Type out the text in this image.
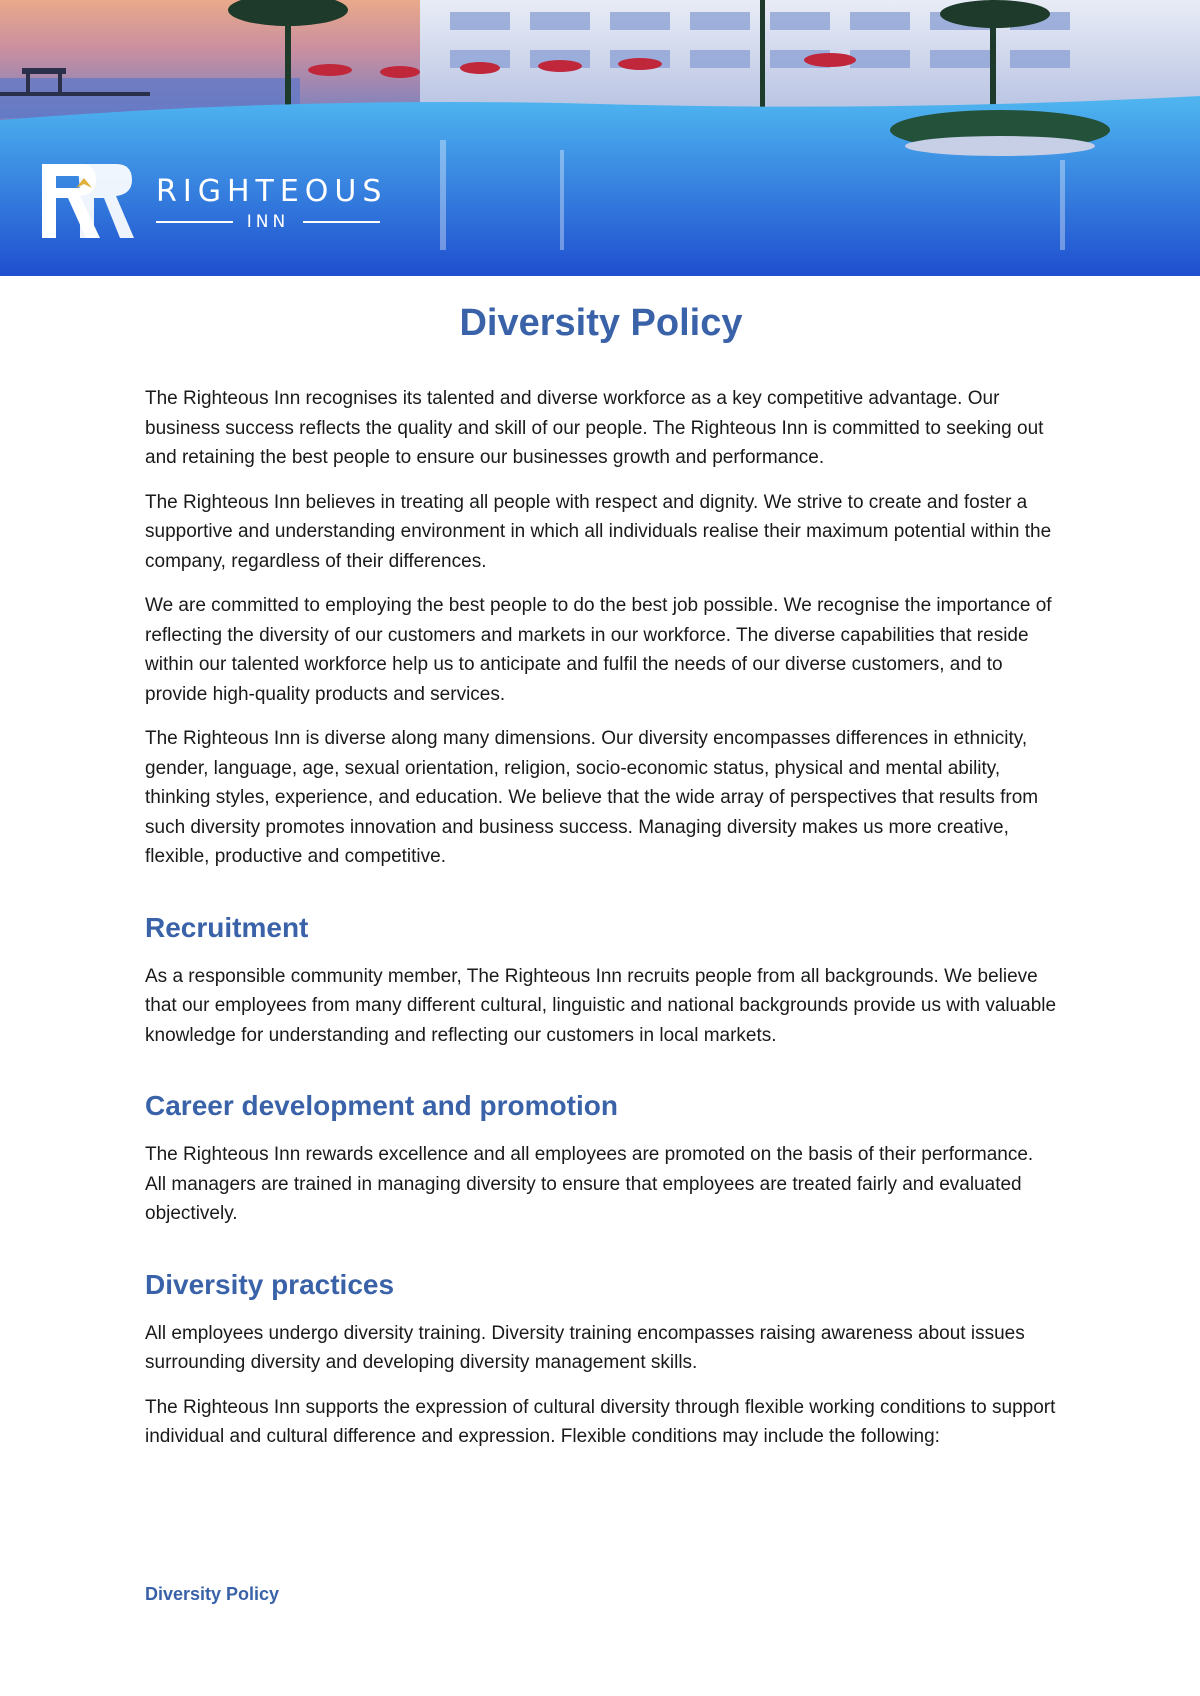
RIGHTEOUS
INN
Diversity Policy

The Righteous Inn recognises its talented and diverse workforce as a key competitive advantage. Our business success reflects the quality and skill of our people. The Righteous Inn is committed to seeking out and retaining the best people to ensure our businesses growth and performance.

The Righteous Inn believes in treating all people with respect and dignity. We strive to create and foster a supportive and understanding environment in which all individuals realise their maximum potential within the company, regardless of their differences.

We are committed to employing the best people to do the best job possible. We recognise the importance of reflecting the diversity of our customers and markets in our workforce. The diverse capabilities that reside within our talented workforce help us to anticipate and fulfil the needs of our diverse customers, and to provide high-quality products and services.

The Righteous Inn is diverse along many dimensions. Our diversity encompasses differences in ethnicity, gender, language, age, sexual orientation, religion, socio-economic status, physical and mental ability, thinking styles, experience, and education. We believe that the wide array of perspectives that results from such diversity promotes innovation and business success. Managing diversity makes us more creative, flexible, productive and competitive.

Recruitment

As a responsible community member, The Righteous Inn recruits people from all backgrounds. We believe that our employees from many different cultural, linguistic and national backgrounds provide us with valuable knowledge for understanding and reflecting our customers in local markets.

Career development and promotion

The Righteous Inn rewards excellence and all employees are promoted on the basis of their performance. All managers are trained in managing diversity to ensure that employees are treated fairly and evaluated objectively.

Diversity practices

All employees undergo diversity training. Diversity training encompasses raising awareness about issues surrounding diversity and developing diversity management skills.

The Righteous Inn supports the expression of cultural diversity through flexible working conditions to support individual and cultural difference and expression. Flexible conditions may include the following:

Diversity Policy
